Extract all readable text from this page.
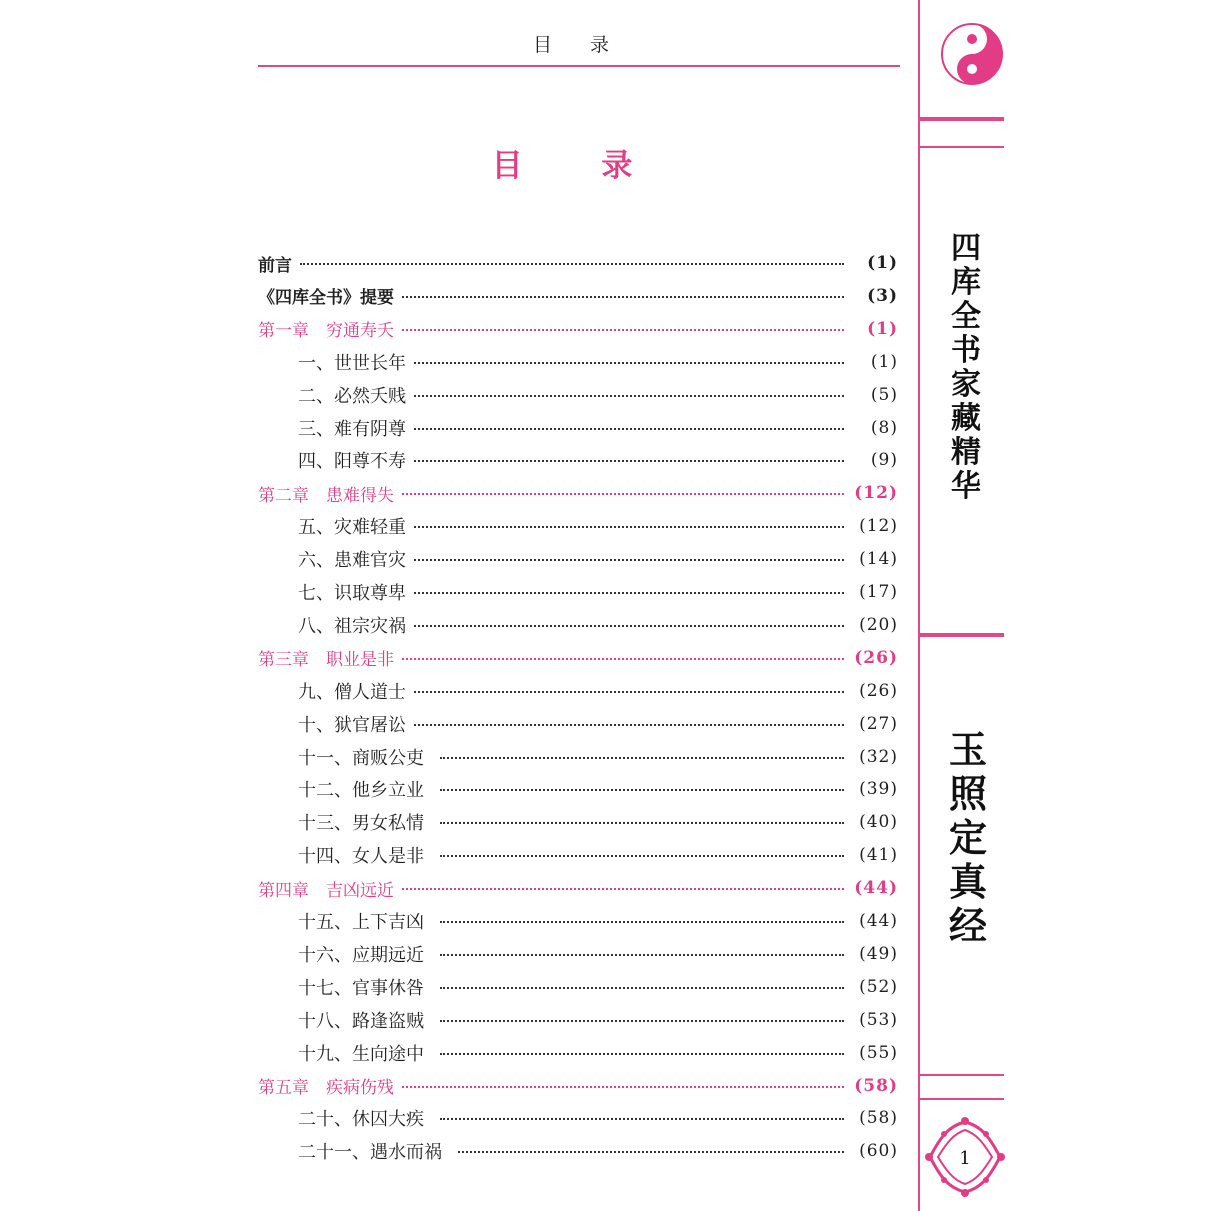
目 录
目 录
前言	(1)
《四库全书》提要	(3)
第一章　穷通寿夭	(1)
一、世世长年	(1)
二、必然夭贱	(5)
三、难有阴尊	(8)
四、阳尊不寿	(9)
第二章　患难得失	(12)
五、灾难轻重	(12)
六、患难官灾	(14)
七、识取尊卑	(17)
八、祖宗灾祸	(20)
第三章　职业是非	(26)
九、僧人道士	(26)
十、狱官屠讼	(27)
十一、商贩公吏	(32)
十二、他乡立业	(39)
十三、男女私情	(40)
十四、女人是非	(41)
第四章　吉凶远近	(44)
十五、上下吉凶	(44)
十六、应期远近	(49)
十七、官事休咎	(52)
十八、路逢盗贼	(53)
十九、生向途中	(55)
第五章　疾病伤残	(58)
二十、休囚大疾	(58)
二十一、遇水而祸	(60)
四
库
全
书
家
藏
精
华
玉
照
定
真
经
1
